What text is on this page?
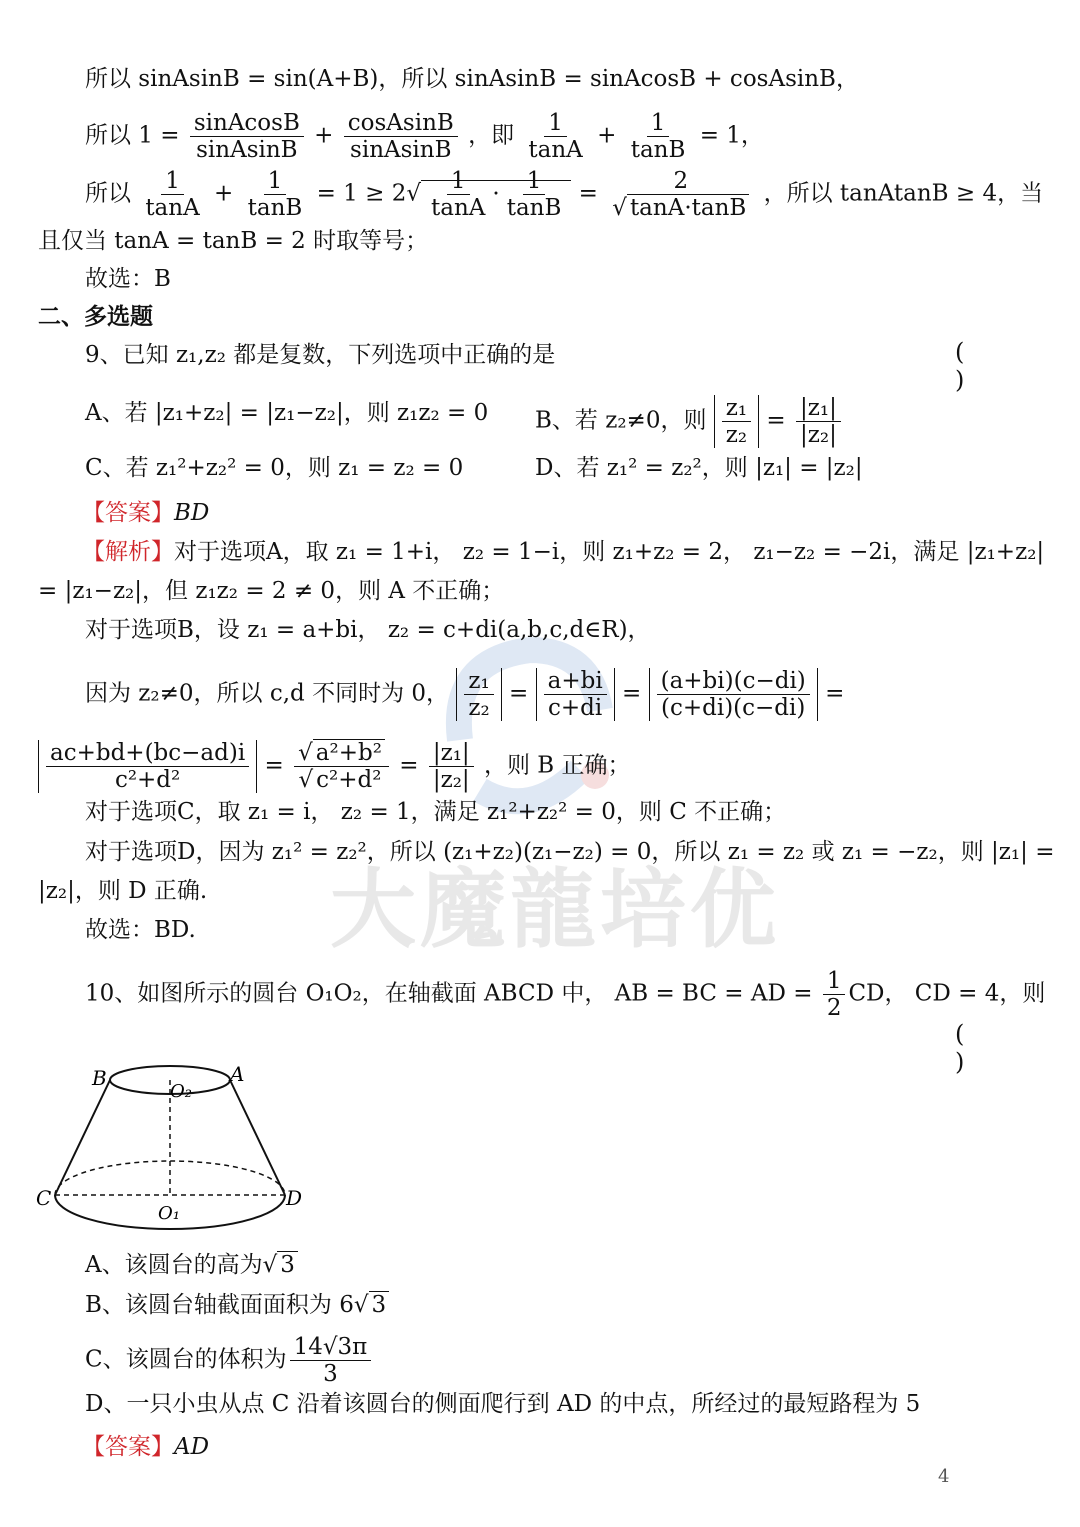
大魔龍培优
所以 sinAsinB = sin(A+B)，所以 sinAsinB = sinAcosB + cosAsinB，
所以 $1 = \frac{\text{sinAcosB}}{\text{sinAsinB}} + \frac{\text{cosAsinB}}{\text{sinAsinB}}$ ，即 $\frac{1}{\tan A} + \frac{1}{\tan B} = 1$，
所以 $\frac{1}{\tan A} + \frac{1}{\tan B} = 1 \ge 2√ \frac{1}{\tan A} \cdot \frac{1}{\tan B} = \frac{2}{√ \tan A\cdot\tan B}$ ，所以 tanAtanB ≥ 4，当
且仅当 tanA = tanB = 2 时取等号；
故选：B
二、多选题
9、已知 z₁,z₂ 都是复数，下列选项中正确的是	( )
A、若 |z₁+z₂| = |z₁−z₂|，则 z₁z₂ = 0 B、若 z₂≠0，则 $\frac{\text{z₁}}{\text{z₂}} = \frac{\text{|z₁|}}{\text{|z₂|}}$
C、若 z₁²+z₂² = 0，则 z₁ = z₂ = 0	D、若 z₁² = z₂²，则 |z₁| = |z₂|
【答案】BD
【解析】对于选项A，取 z₁ = 1+i， z₂ = 1−i，则 z₁+z₂ = 2， z₁−z₂ = −2i，满足 |z₁+z₂|
= |z₁−z₂|，但 z₁z₂ = 2 ≠ 0，则 A 不正确；
对于选项B，设 z₁ = a+bi， z₂ = c+di(a,b,c,d∈R)，
因为 z₂≠0，所以 c,d 不同时为 0， $\frac{\text{z₁}}{\text{z₂}} = \frac{a+bi}{c+di} = \frac{(a+bi)(c-di)}{(c+di)(c-di)}$ =
$\frac{ac+bd+(bc-ad)i}{\text{c²+d²}} = \frac{\text{√ a²+b²}}{\text{√ c²+d²}} = \frac{\text{|z₁|}}{\text{|z₂|}}$ ，则 B 正确；
对于选项C，取 z₁ = i， z₂ = 1，满足 z₁²+z₂² = 0，则 C 不正确；
对于选项D，因为 z₁² = z₂²，所以 (z₁+z₂)(z₁−z₂) = 0，所以 z₁ = z₂ 或 z₁ = −z₂，则 |z₁| =
|z₂|，则 D 正确.
故选：BD.
10、如图所示的圆台 O₁O₂，在轴截面 ABCD 中， AB = BC = AD = $\frac{1}{2}$ CD， CD = 4，则
( )
B	A
O₂
C	D
O₁
A、该圆台的高为√ 3
B、该圆台轴截面面积为 6√ 3
C、该圆台的体积为 $\frac{14√3\pi}{3}$
D、一只小虫从点 C 沿着该圆台的侧面爬行到 AD 的中点，所经过的最短路程为 5
【答案】AD
4
